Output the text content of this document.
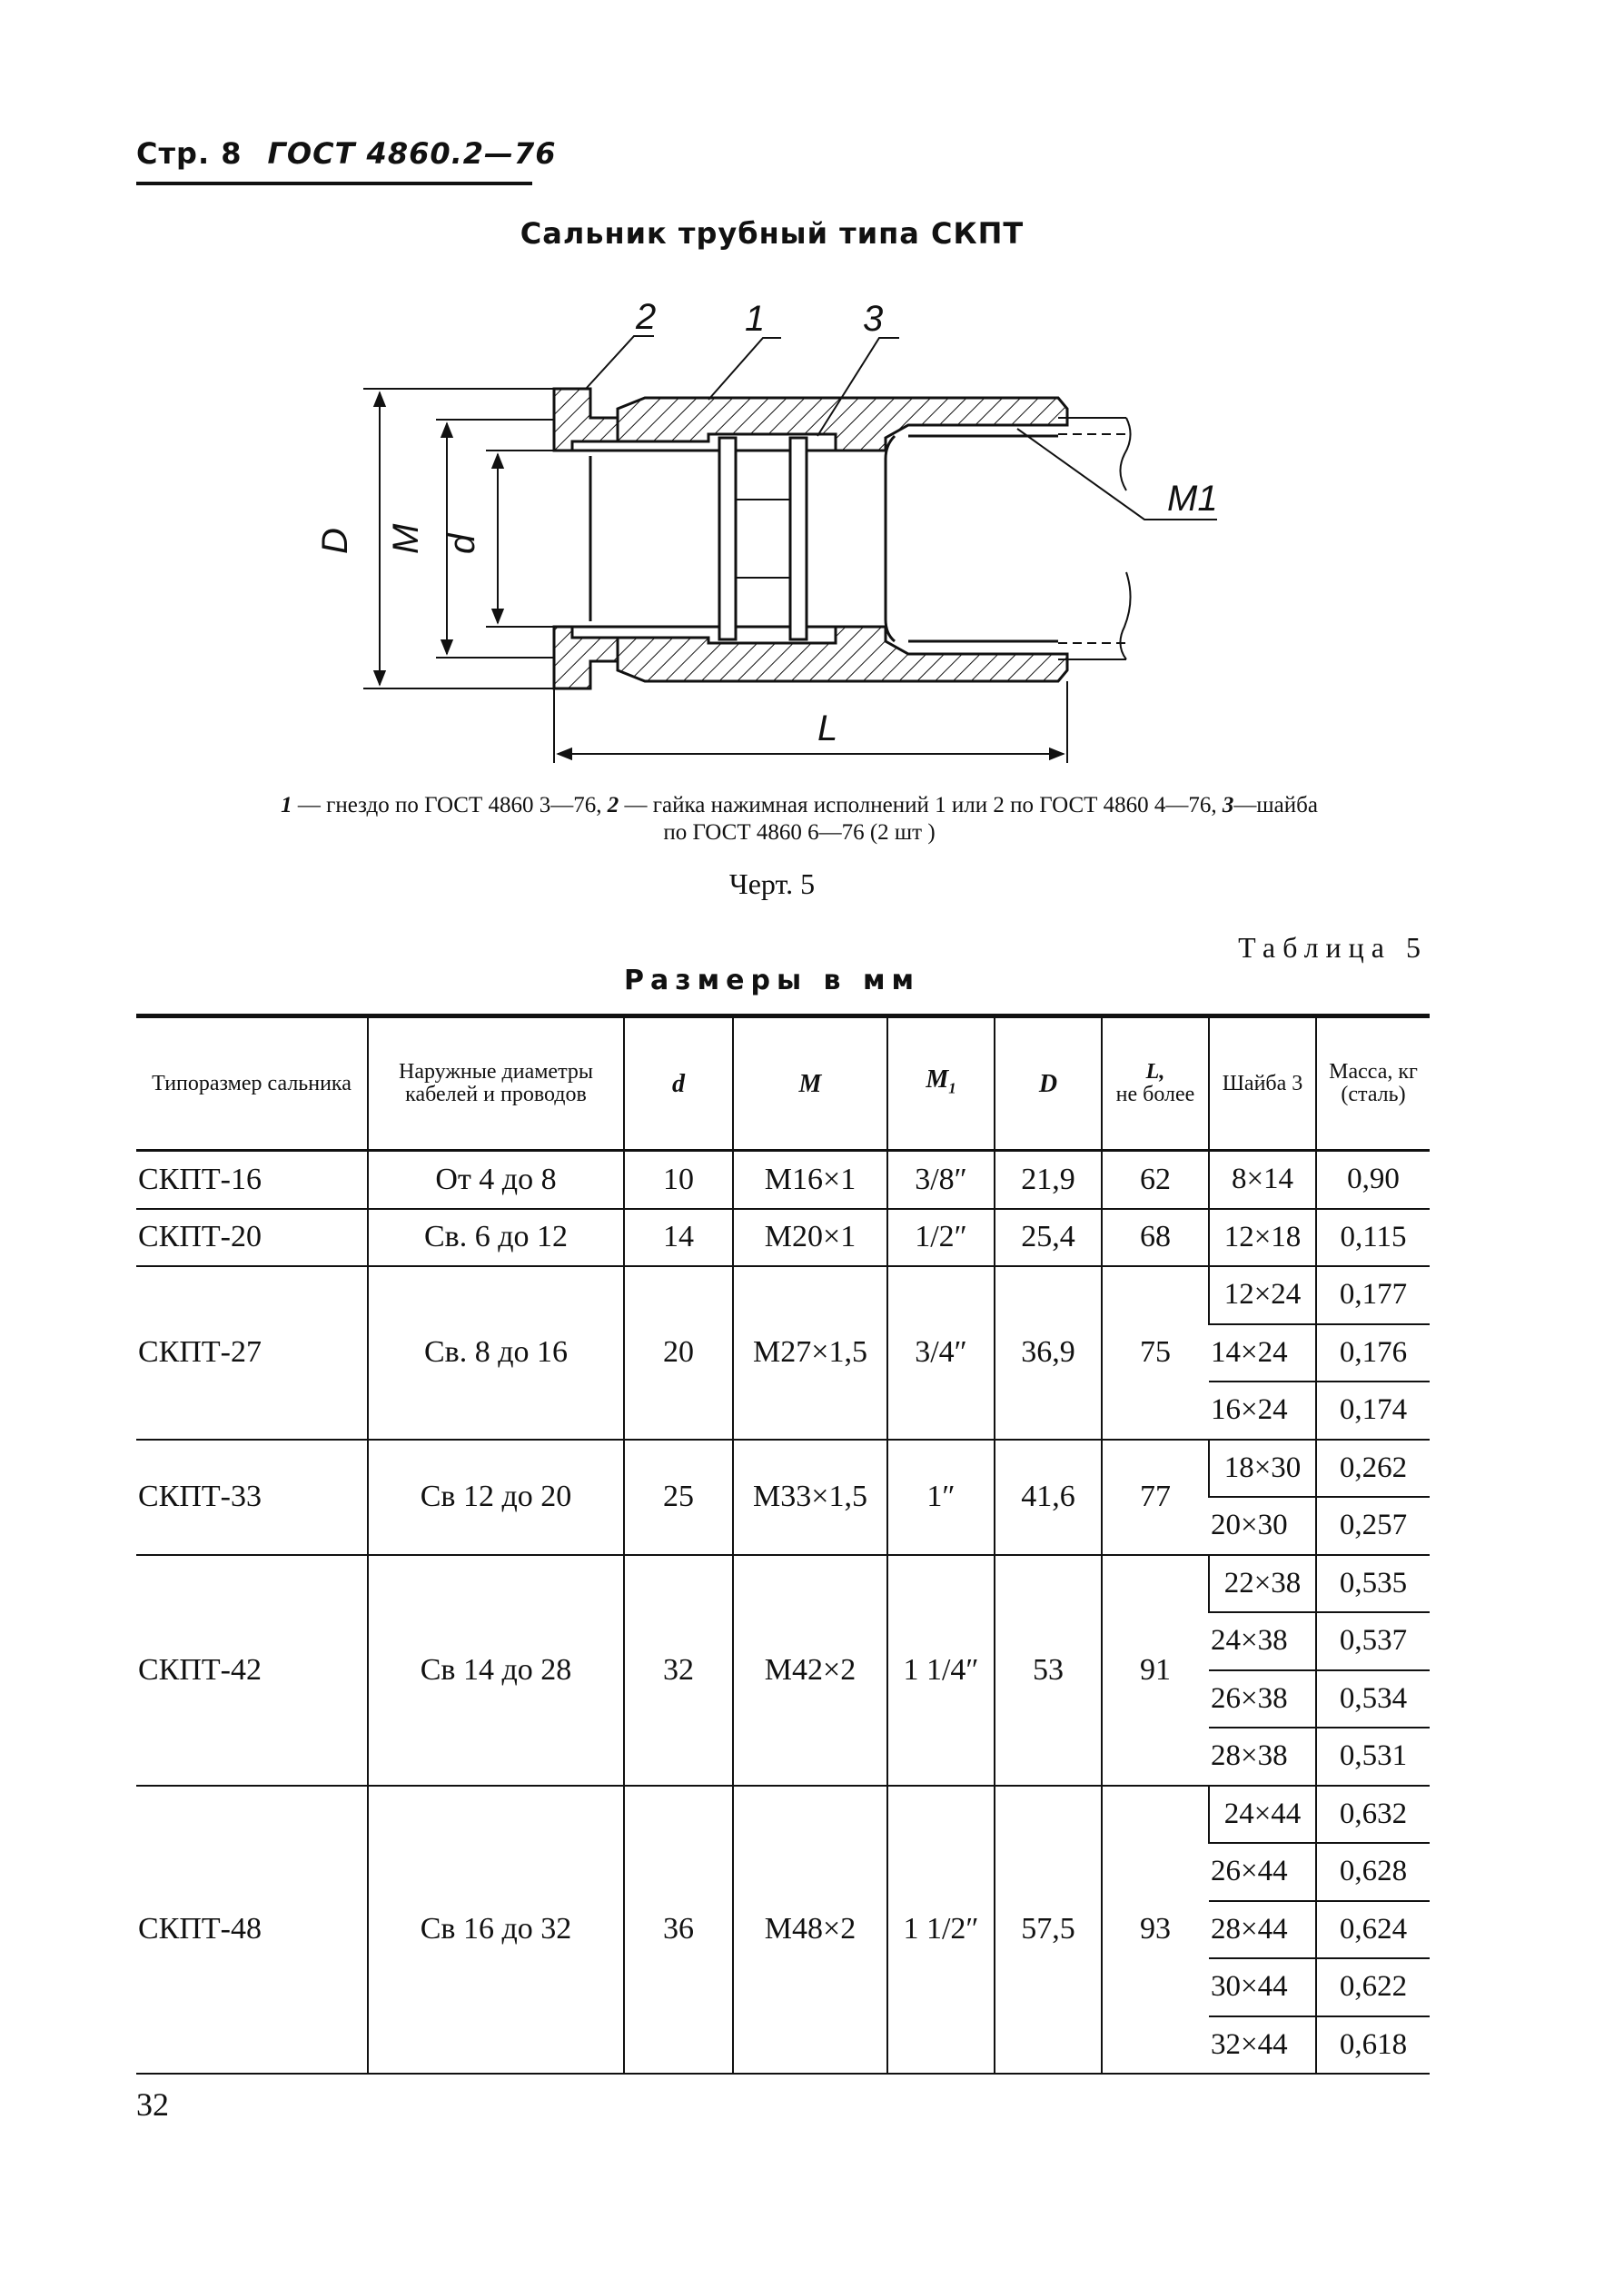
Стр. 8 ГОСТ 4860.2—76
Сальник трубный типа СКПТ
2 1	3
D M d
L
M1
1 — гнездо по ГОСТ 4860 3—76, 2 — гайка нажимная исполнений 1 или 2 по ГОСТ 4860 4—76, 3—шайба по ГОСТ 4860 6—76 (2 шт )
Черт. 5
Таблица 5
Размеры в мм
Типоразмер сальника	Наружные диаметры кабелей и проводов	d	M	$M_1$	D	L,
не более	Шайба 3	Масса, кг (сталь)
СКПТ-16	От 4 до 8	10	М16×1	3/8″	21,9	62	8×14	0,90
СКПТ-20	Св. 6 до 12	14	М20×1	1/2″	25,4	68	12×18	0,115
СКПТ-27	Св. 8 до 16	20	М27×1,5	3/4″	36,9	75	12×24	0,177
							14×24	0,176
							16×24	0,174
СКПТ-33	Св 12 до 20	25	М33×1,5	1″	41,6	77	18×30	0,262
							20×30	0,257
СКПТ-42	Св 14 до 28	32	М42×2	1 1/4″	53	91	22×38	0,535
							24×38	0,537
							26×38	0,534
							28×38	0,531
СКПТ-48	Св 16 до 32	36	М48×2	1 1/2″	57,5	93	24×44	0,632
							26×44	0,628
							28×44	0,624
							30×44	0,622
							32×44	0,618
32
